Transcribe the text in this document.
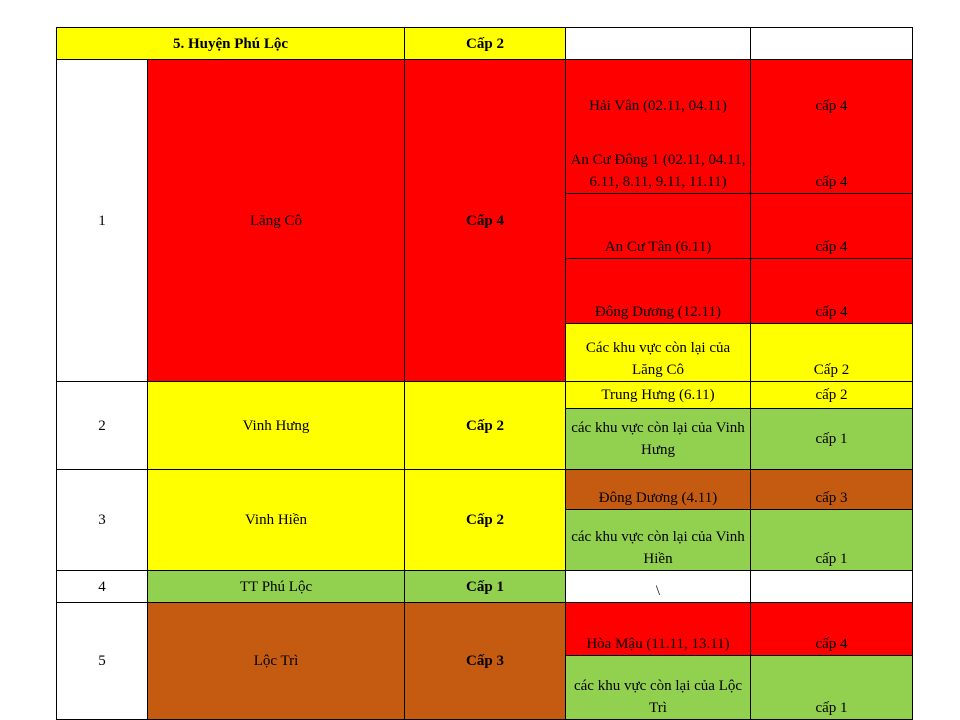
5. Huyện Phú Lộc		Cấp 2		
1	Lăng Cô	Cấp 4	Hải Vân (02.11, 04.11)	cấp 4
			An Cư Đông 1 (02.11, 04.11, 6.11, 8.11, 9.11, 11.11)	cấp 4
			An Cư Tân (6.11)	cấp 4
			Đông Dương (12.11)	cấp 4
			Các khu vực còn lại của Lăng Cô	Cấp 2
2	Vinh Hưng	Cấp 2	Trung Hưng (6.11)	cấp 2
			các khu vực còn lại của Vinh Hưng	cấp 1
3	Vinh Hiền	Cấp 2	Đông Dương (4.11)	cấp 3
			các khu vực còn lại của Vinh Hiền	cấp 1
4	TT Phú Lộc	Cấp 1	\	
5	Lộc Trì	Cấp 3	Hòa Mậu (11.11, 13.11)	cấp 4
			các khu vực còn lại của Lộc Trì	cấp 1
